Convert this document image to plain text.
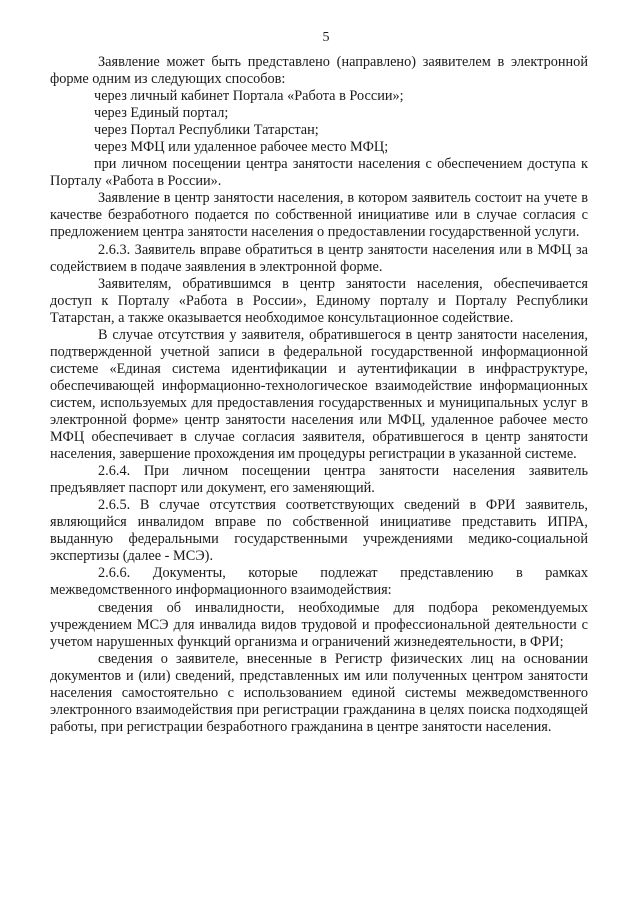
5

Заявление может быть представлено (направлено) заявителем в электронной форме одним из следующих способов:

через личный кабинет Портала «Работа в России»;

через Единый портал;

через Портал Республики Татарстан;

через МФЦ или удаленное рабочее место МФЦ;

при личном посещении центра занятости населения с обеспечением доступа к Порталу «Работа в России».

Заявление в центр занятости населения, в котором заявитель состоит на учете в качестве безработного подается по собственной инициативе или в случае согласия с предложением центра занятости населения о предоставлении государственной услуги.

2.6.3. Заявитель вправе обратиться в центр занятости населения или в МФЦ за содействием в подаче заявления в электронной форме.

Заявителям, обратившимся в центр занятости населения, обеспечивается доступ к Порталу «Работа в России», Единому порталу и Порталу Республики Татарстан, а также оказывается необходимое консультационное содействие.

В случае отсутствия у заявителя, обратившегося в центр занятости населения, подтвержденной учетной записи в федеральной государственной информационной системе «Единая система идентификации и аутентификации в инфраструктуре, обеспечивающей информационно-технологическое взаимодействие информационных систем, используемых для предоставления государственных и муниципальных услуг в электронной форме» центр занятости населения или МФЦ, удаленное рабочее место МФЦ обеспечивает в случае согласия заявителя, обратившегося в центр занятости населения, завершение прохождения им процедуры регистрации в указанной системе.

2.6.4. При личном посещении центра занятости населения заявитель предъявляет паспорт или документ, его заменяющий.

2.6.5. В случае отсутствия соответствующих сведений в ФРИ заявитель, являющийся инвалидом вправе по собственной инициативе представить ИПРА, выданную федеральными государственными учреждениями медико-социальной экспертизы (далее - МСЭ).

2.6.6. Документы, которые подлежат представлению в рамках межведомственного информационного взаимодействия:

сведения об инвалидности, необходимые для подбора рекомендуемых учреждением МСЭ для инвалида видов трудовой и профессиональной деятельности с учетом нарушенных функций организма и ограничений жизнедеятельности, в ФРИ;

сведения о заявителе, внесенные в Регистр физических лиц на основании документов и (или) сведений, представленных им или полученных центром занятости населения самостоятельно с использованием единой системы межведомственного электронного взаимодействия при регистрации гражданина в целях поиска подходящей работы, при регистрации безработного гражданина в центре занятости населения.
